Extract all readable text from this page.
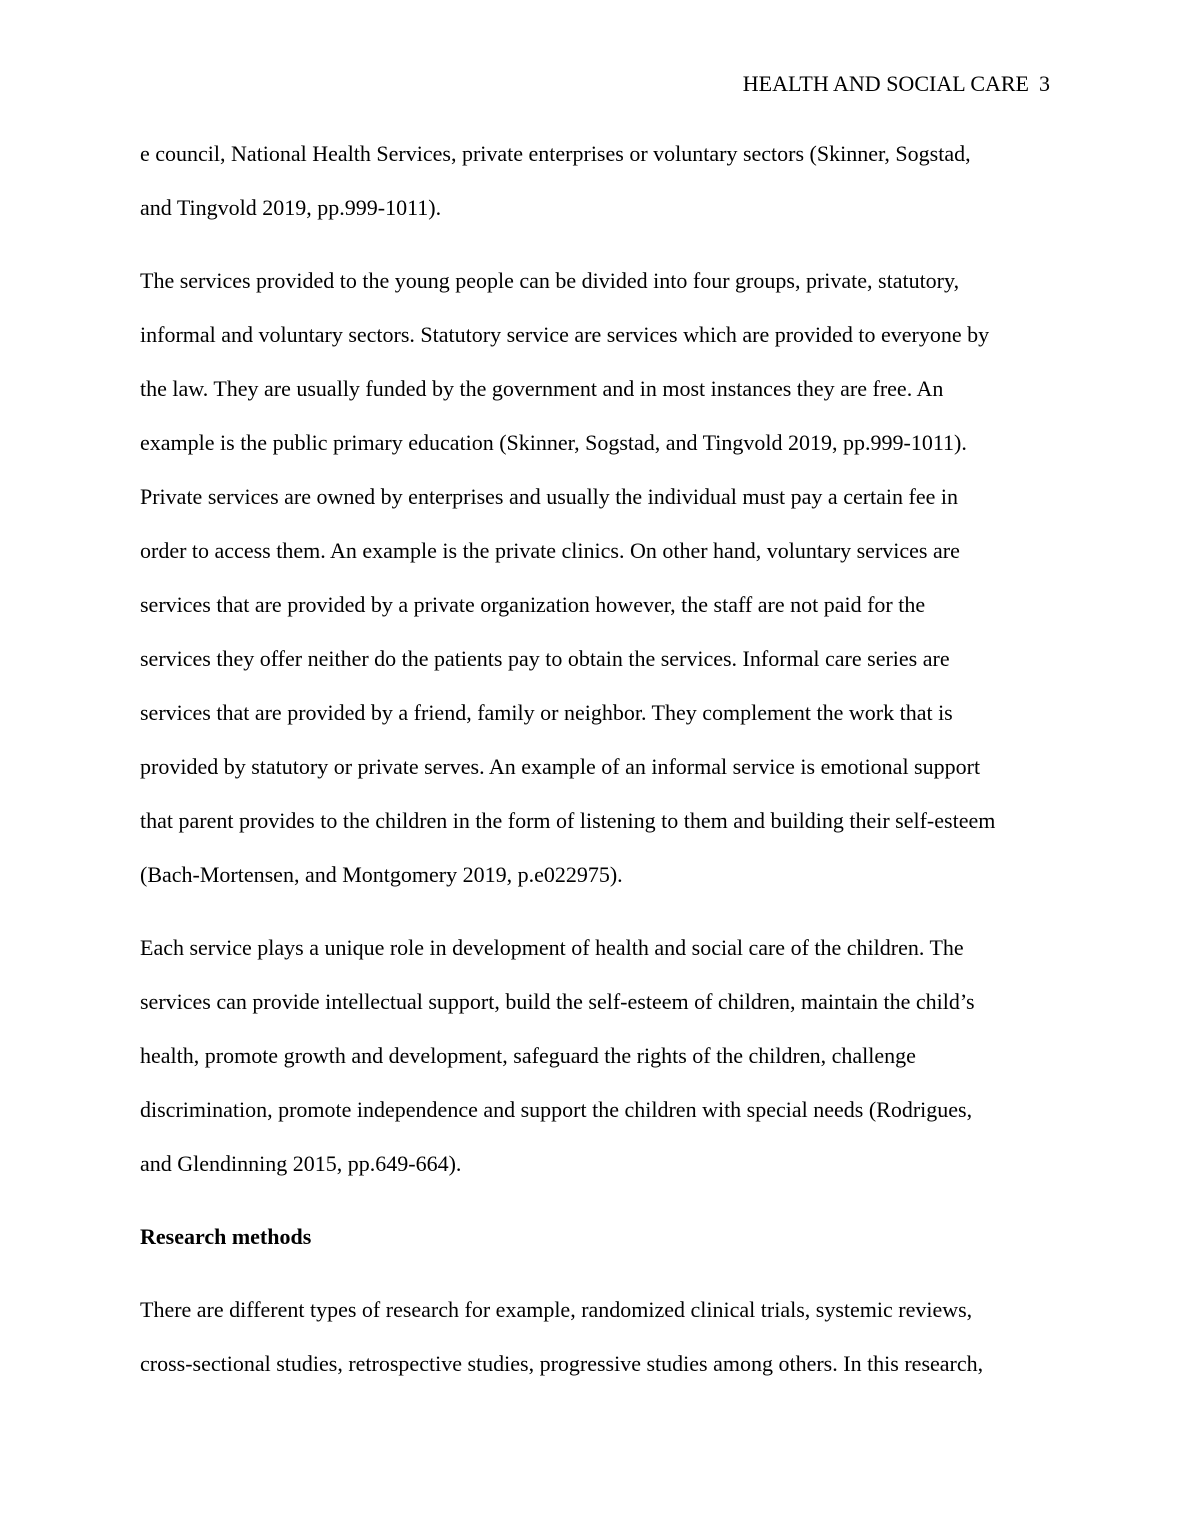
HEALTH AND SOCIAL CARE 3
e council, National Health Services, private enterprises or voluntary sectors (Skinner, Sogstad,
and Tingvold 2019, pp.999-1011).
The services provided to the young people can be divided into four groups, private, statutory,
informal and voluntary sectors. Statutory service are services which are provided to everyone by
the law. They are usually funded by the government and in most instances they are free. An
example is the public primary education (Skinner, Sogstad, and Tingvold 2019, pp.999-1011).
Private services are owned by enterprises and usually the individual must pay a certain fee in
order to access them. An example is the private clinics. On other hand, voluntary services are
services that are provided by a private organization however, the staff are not paid for the
services they offer neither do the patients pay to obtain the services. Informal care series are
services that are provided by a friend, family or neighbor. They complement the work that is
provided by statutory or private serves. An example of an informal service is emotional support
that parent provides to the children in the form of listening to them and building their self-esteem
(Bach-Mortensen, and Montgomery 2019, p.e022975).
Each service plays a unique role in development of health and social care of the children. The
services can provide intellectual support, build the self-esteem of children, maintain the child’s
health, promote growth and development, safeguard the rights of the children, challenge
discrimination, promote independence and support the children with special needs (Rodrigues,
and Glendinning 2015, pp.649-664).
Research methods
There are different types of research for example, randomized clinical trials, systemic reviews,
cross-sectional studies, retrospective studies, progressive studies among others. In this research,
